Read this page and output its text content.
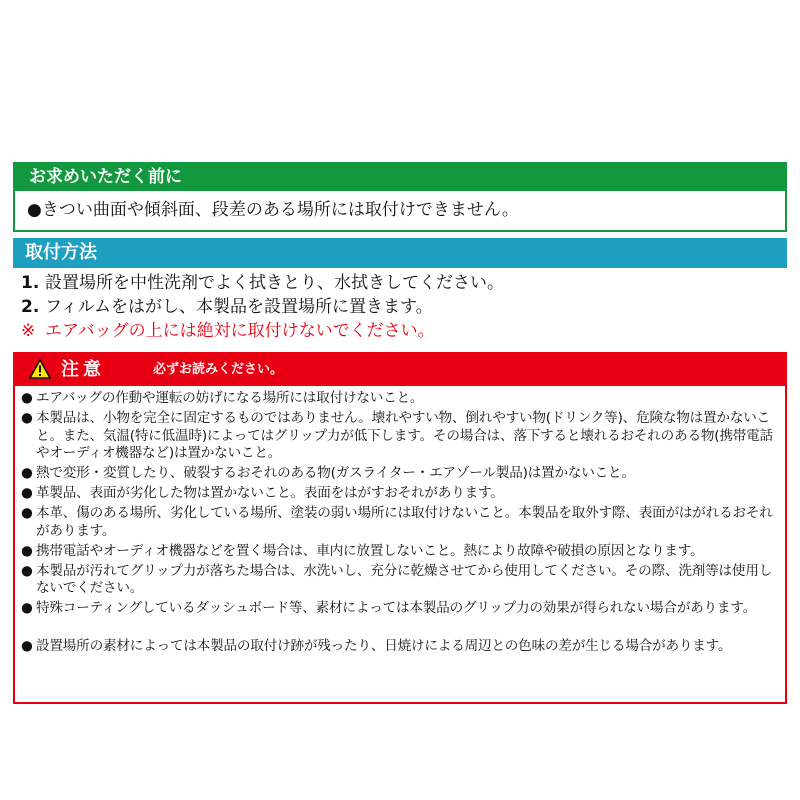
お求めいただく前に
●きつい曲面や傾斜面、段差のある場所には取付けできません。
取付方法
1. 設置場所を中性洗剤でよく拭きとり、水拭きしてください。
2. フィルムをはがし、本製品を設置場所に置きます。
※ エアバッグの上には絶対に取付けないでください。
注意	必ずお読みください。
● エアバッグの作動や運転の妨げになる場所には取付けないこと。
● 本製品は、小物を完全に固定するものではありません。壊れやすい物、倒れやすい物(ドリンク等)、危険な物は置かないこと。また、気温(特に低温時)によってはグリップ力が低下します。その場合は、落下すると壊れるおそれのある物(携帯電話やオーディオ機器など)は置かないこと。
● 熱で変形・変質したり、破裂するおそれのある物(ガスライター・エアゾール製品)は置かないこと。
● 革製品、表面が劣化した物は置かないこと。表面をはがすおそれがあります。
● 本革、傷のある場所、劣化している場所、塗装の弱い場所には取付けないこと。本製品を取外す際、表面がはがれるおそれがあります。
● 携帯電話やオーディオ機器などを置く場合は、車内に放置しないこと。熱により故障や破損の原因となります。
● 本製品が汚れてグリップ力が落ちた場合は、水洗いし、充分に乾燥させてから使用してください。その際、洗剤等は使用しないでください。
● 特殊コーティングしているダッシュボード等、素材によっては本製品のグリップ力の効果が得られない場合があります。
● 設置場所の素材によっては本製品の取付け跡が残ったり、日焼けによる周辺との色味の差が生じる場合があります。
